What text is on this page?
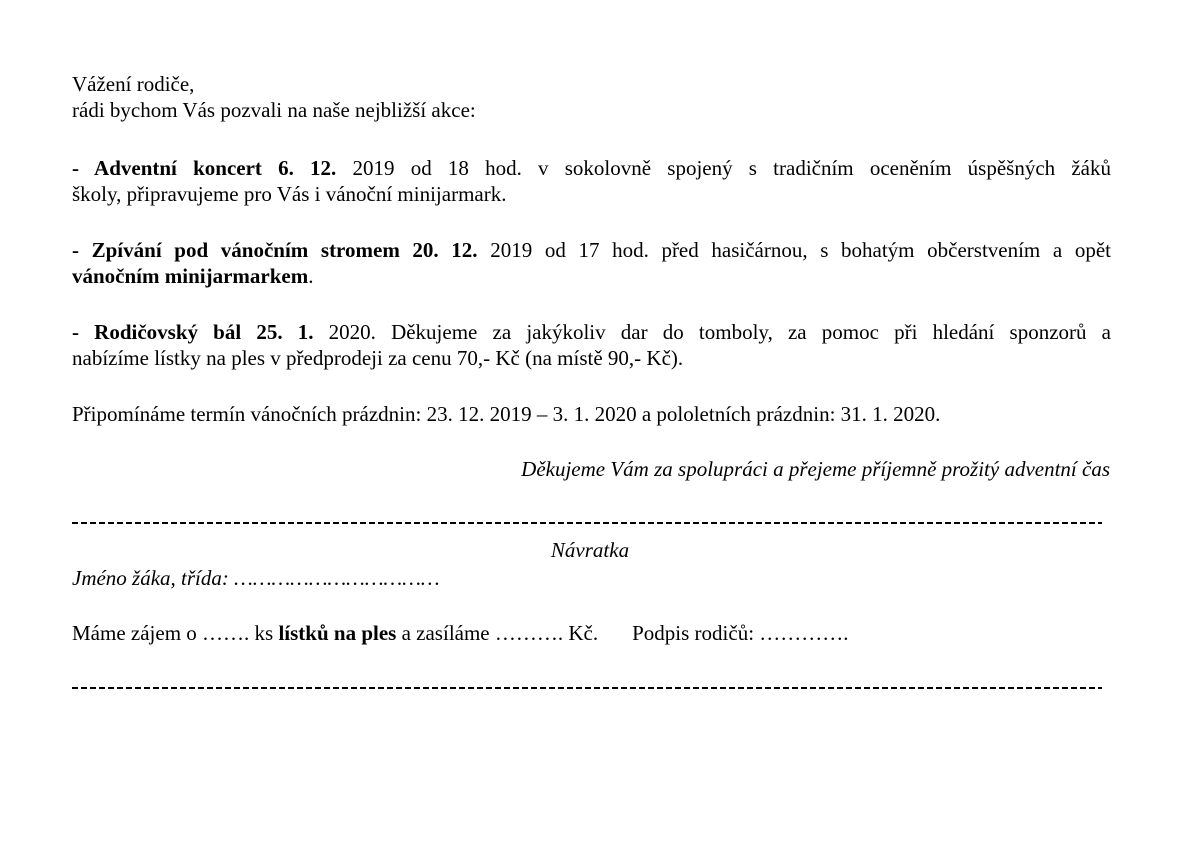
Vážení rodiče,
rádi bychom Vás pozvali na naše nejbližší akce:
- Adventní koncert 6. 12. 2019 od 18 hod. v sokolovně spojený s tradičním oceněním úspěšných žáků
školy, připravujeme pro Vás i vánoční minijarmark.
- Zpívání pod vánočním stromem 20. 12. 2019 od 17 hod. před hasičárnou, s bohatým občerstvením a opět
vánočním minijarmarkem.
- Rodičovský bál 25. 1. 2020. Děkujeme za jakýkoliv dar do tomboly, za pomoc při hledání sponzorů a
nabízíme lístky na ples v předprodeji za cenu 70,- Kč (na místě 90,- Kč).
Připomínáme termín vánočních prázdnin: 23. 12. 2019 – 3. 1. 2020 a pololetních prázdnin: 31. 1. 2020.
Děkujeme Vám za spolupráci a přejeme příjemně prožitý adventní čas
Návratka
Jméno žáka, třída: ……………………………
Máme zájem o ……. ks lístků na ples a zasíláme ………. Kč. Podpis rodičů: ………….
